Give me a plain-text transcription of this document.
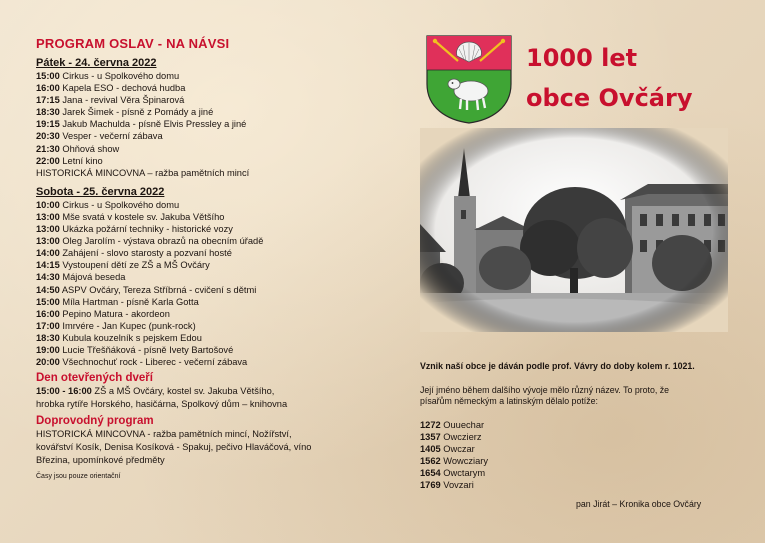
PROGRAM OSLAV - NA NÁVSI
Pátek - 24. června 2022
15:00 Cirkus - u Spolkového domu
16:00 Kapela ESO - dechová hudba
17:15 Jana - revival Věra Špinarová
18:30 Jarek Šimek - písně z Pomády a jiné
19:15 Jakub Machulda - písně Elvis Pressley a jiné
20:30 Vesper - večerní zábava
21:30 Ohňová show
22:00 Letní kino
HISTORICKÁ MINCOVNA – ražba pamětních mincí
Sobota - 25. června 2022
10:00 Cirkus - u Spolkového domu
13:00 Mše svatá v kostele sv. Jakuba Většího
13:00 Ukázka požární techniky - historické vozy
13:00 Oleg Jarolím - výstava obrazů na obecním úřadě
14:00 Zahájení - slovo starosty a pozvaní hosté
14:15 Vystoupení dětí ze ZŠ a MŠ Ovčáry
14:30 Májová beseda
14:50 ASPV Ovčáry, Tereza Stříbrná - cvičení s dětmi
15:00 Míla Hartman - písně Karla Gotta
16:00 Pepino Matura - akordeon
17:00 Imrvére - Jan Kupec (punk-rock)
18:30 Kubula kouzelník s pejskem Edou
19:00 Lucie Třešňáková - písně Ivety Bartošové
20:00 Všechnochuť rock - Liberec - večerní zábava
Den otevřených dveří
15:00 - 16:00 ZŠ a MŠ Ovčáry, kostel sv. Jakuba Většího,
hrobka rytíře Horského, hasičárna, Spolkový dům – knihovna
Doprovodný program
HISTORICKÁ MINCOVNA - ražba pamětních mincí, Nožířství,
kovářství Kosík, Denisa Kosíková - Spakuj, pečivo Hlaváčová, víno
Březina, upomínkové předměty
Časy jsou pouze orientační
1000 let
obce Ovčáry
Vznik naší obce je dáván podle prof. Vávry do doby kolem r. 1021.
Její jméno během dalšího vývoje mělo různý název. To proto, že
písařům německým a latinským dělalo potíže:
1272 Ouuechar
1357 Owczierz
1405 Owczar
1562 Wowcziary
1654 Owctarym
1769 Vovzari
pan Jirát – Kronika obce Ovčáry
